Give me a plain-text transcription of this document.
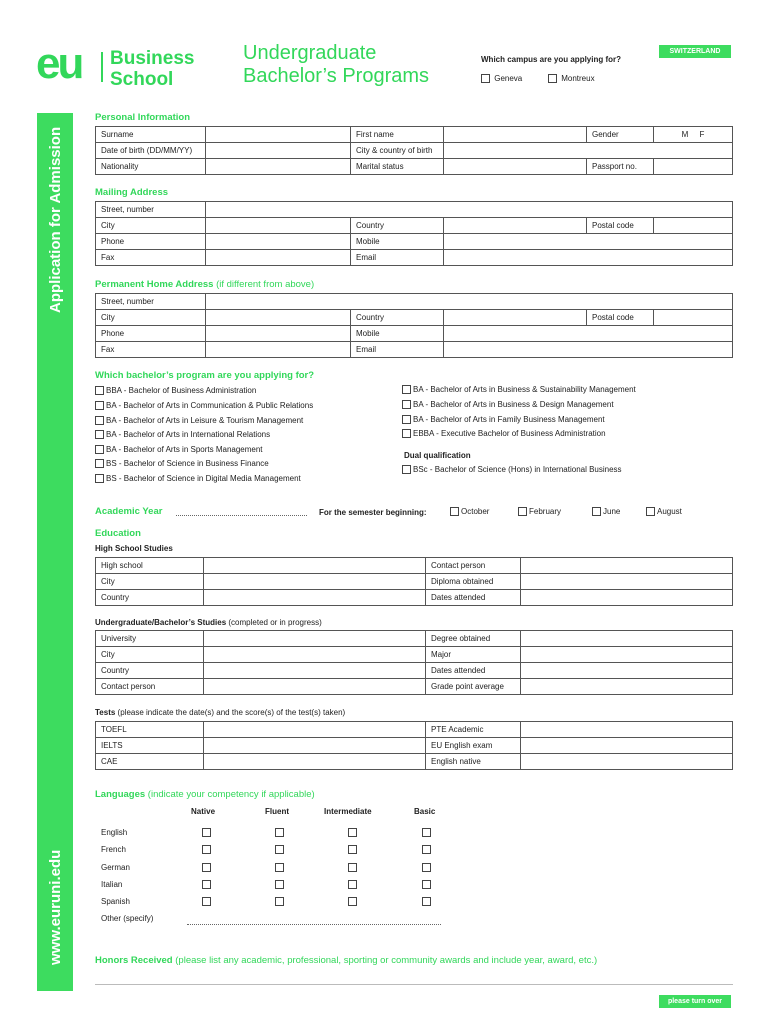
eu Business
School
Undergraduate
Bachelor’s Programs
Which campus are you applying for?
Geneva	Montreux
SWITZERLAND
Application for Admission
www.euruni.edu
Personal Information
Surname		First name		Gender	M F
Date of birth (DD/MM/YY)		City & country of birth			
Nationality		Marital status		Passport no.	
Mailing Address
Street, number					
City		Country		Postal code	
Phone		Mobile			
Fax		Email			
Permanent Home Address (if different from above)
Street, number					
City		Country		Postal code	
Phone		Mobile			
Fax		Email			
Which bachelor’s program are you applying for?
BBA - Bachelor of Business Administration
BA - Bachelor of Arts in Communication & Public Relations
BA - Bachelor of Arts in Leisure & Tourism Management
BA - Bachelor of Arts in International Relations
BA - Bachelor of Arts in Sports Management
BS - Bachelor of Science in Business Finance
BS - Bachelor of Science in Digital Media Management
BA - Bachelor of Arts in Business & Sustainability Management
BA - Bachelor of Arts in Business & Design Management
BA - Bachelor of Arts in Family Business Management
EBBA - Executive Bachelor of Business Administration
Dual qualification
BSc - Bachelor of Science (Hons) in International Business
Academic Year	For the semester beginning:	October	February	June	August
Education
High School Studies
High school		Contact person	
City		Diploma obtained	
Country		Dates attended	
Undergraduate/Bachelor’s Studies (completed or in progress)
University		Degree obtained	
City		Major	
Country		Dates attended	
Contact person		Grade point average	
Tests (please indicate the date(s) and the score(s) of the test(s) taken)
TOEFL		PTE Academic	
IELTS		EU English exam	
CAE		English native	
Languages (indicate your competency if applicable)
Native	Fluent	Intermediate	Basic
English
French
German
Italian
Spanish
Other (specify)
Honors Received (please list any academic, professional, sporting or community awards and include year, award, etc.)
please turn over
